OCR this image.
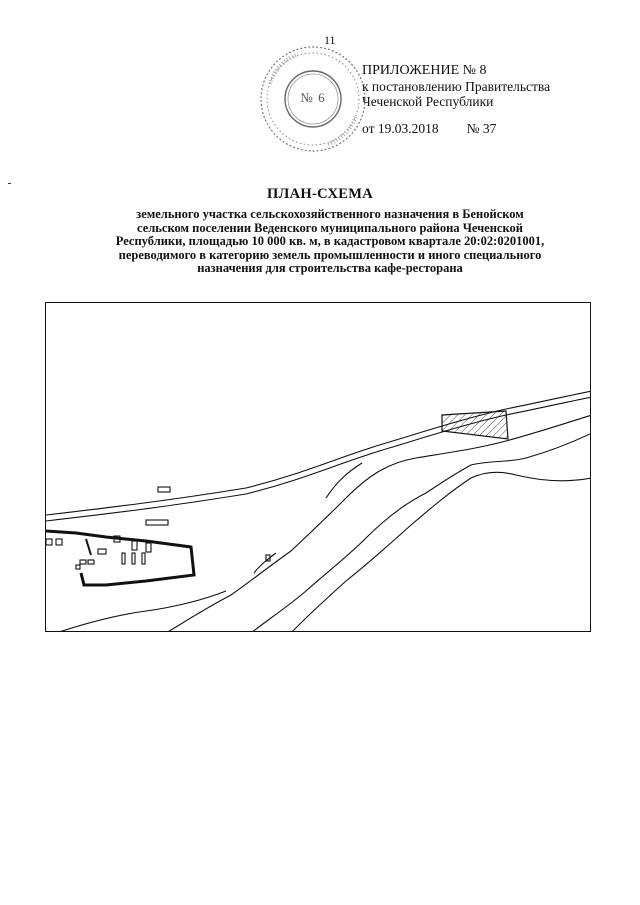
11
№ 6
ПРИЛОЖЕНИЕ № 8
к постановлению Правительства
Чеченской Республики
от 19.03.2018 № 37
ПЛАН-СХЕМА
земельного участка сельскохозяйственного назначения в Бенойском
сельском поселении Веденского муниципального района Чеченской
Республики, площадью 10 000 кв. м, в кадастровом квартале 20:02:0201001,
переводимого в категорию земель промышленности и иного специального
назначения для строительства кафе-ресторана
